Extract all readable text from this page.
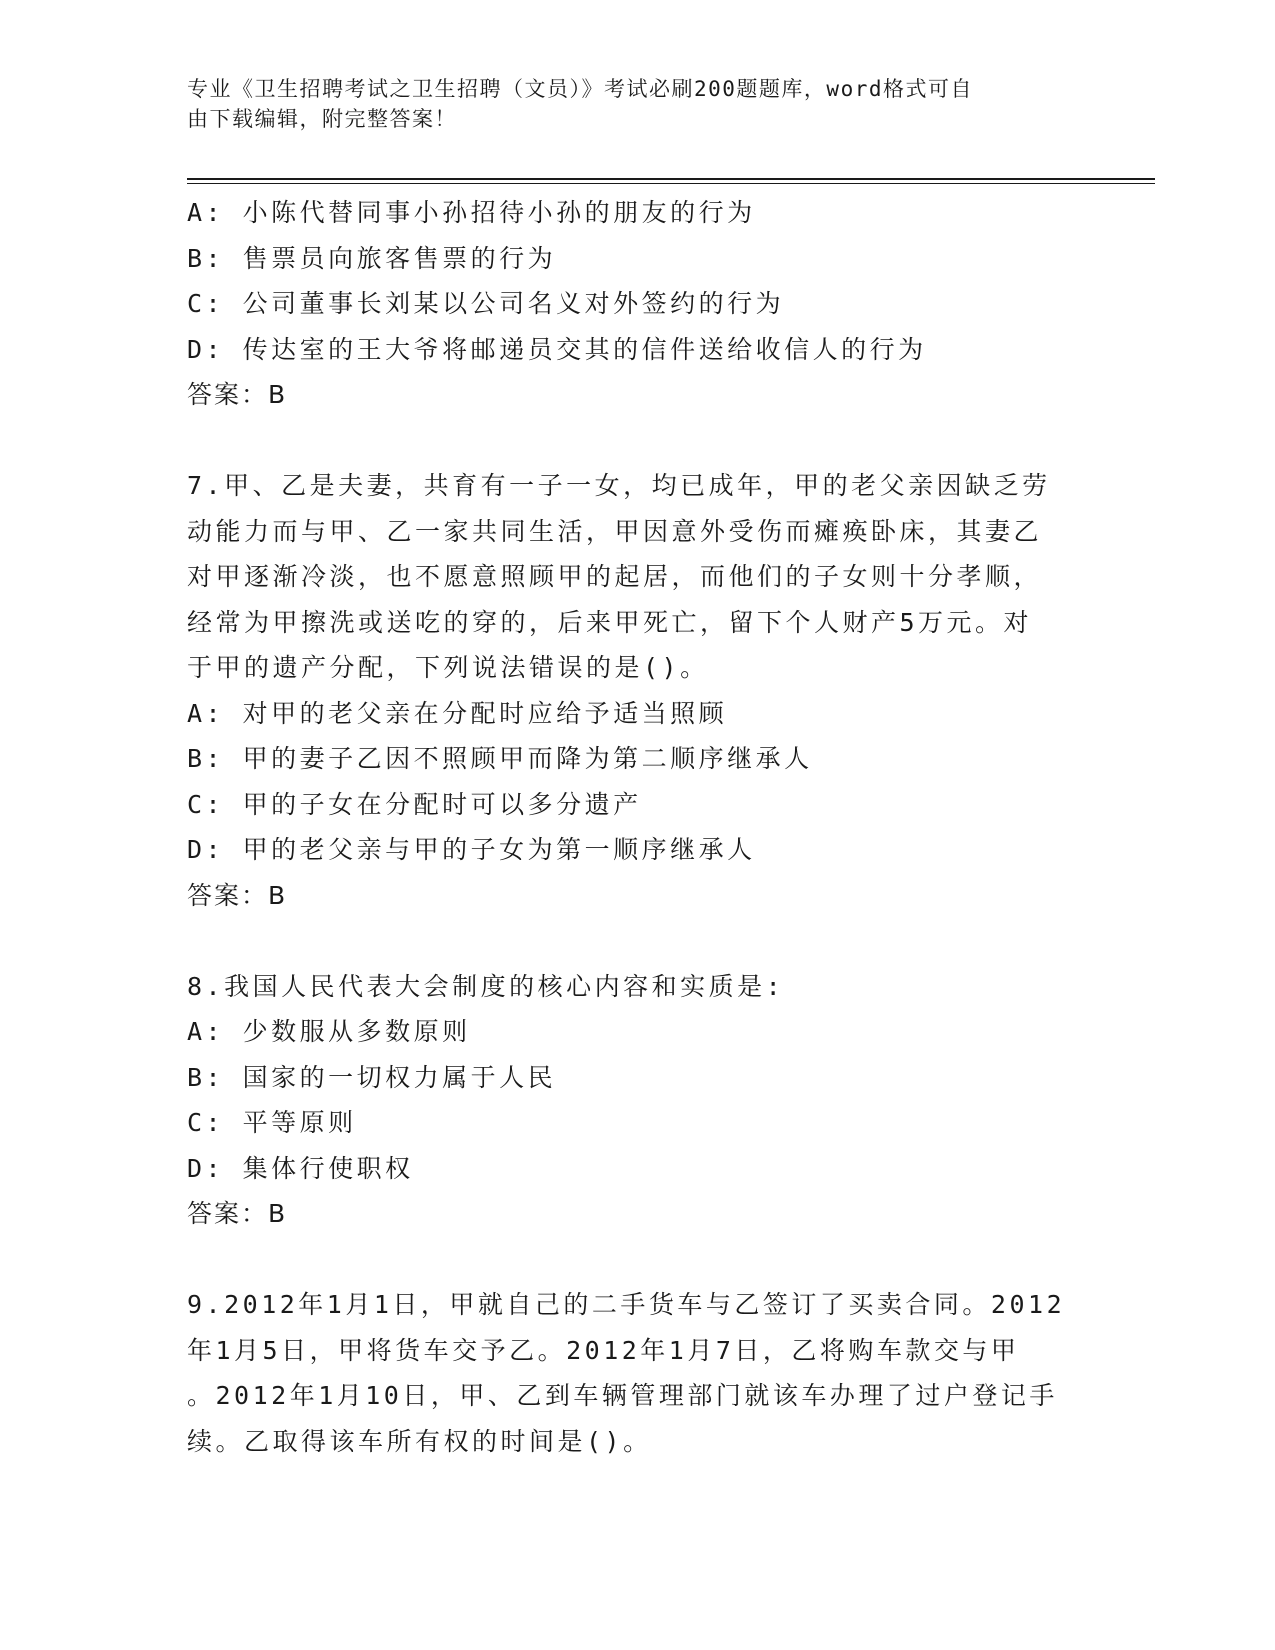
专业《卫生招聘考试之卫生招聘（文员）》考试必刷200题题库，word格式可自
由下载编辑，附完整答案！
A: 小陈代替同事小孙招待小孙的朋友的行为
B: 售票员向旅客售票的行为
C: 公司董事长刘某以公司名义对外签约的行为
D: 传达室的王大爷将邮递员交其的信件送给收信人的行为
答案：B
7.甲、乙是夫妻，共育有一子一女，均已成年，甲的老父亲因缺乏劳
动能力而与甲、乙一家共同生活，甲因意外受伤而瘫痪卧床，其妻乙
对甲逐渐冷淡，也不愿意照顾甲的起居，而他们的子女则十分孝顺，
经常为甲擦洗或送吃的穿的，后来甲死亡，留下个人财产5万元。对
于甲的遗产分配，下列说法错误的是()。
A: 对甲的老父亲在分配时应给予适当照顾
B: 甲的妻子乙因不照顾甲而降为第二顺序继承人
C: 甲的子女在分配时可以多分遗产
D: 甲的老父亲与甲的子女为第一顺序继承人
答案：B
8.我国人民代表大会制度的核心内容和实质是:
A: 少数服从多数原则
B: 国家的一切权力属于人民
C: 平等原则
D: 集体行使职权
答案：B
9.2012年1月1日，甲就自己的二手货车与乙签订了买卖合同。2012
年1月5日，甲将货车交予乙。2012年1月7日，乙将购车款交与甲
。2012年1月10日，甲、乙到车辆管理部门就该车办理了过户登记手
续。乙取得该车所有权的时间是()。
